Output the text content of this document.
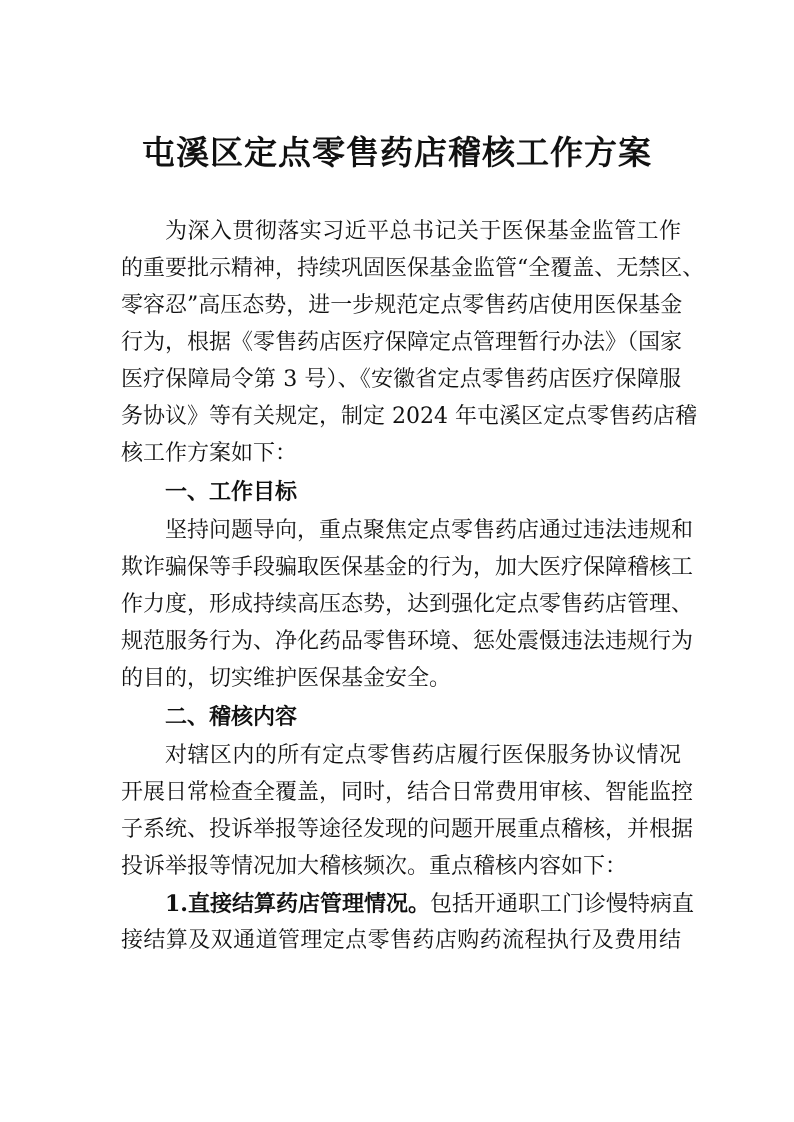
屯溪区定点零售药店稽核工作方案
为深入贯彻落实习近平总书记关于医保基金监管工作
的重要批示精神，持续巩固医保基金监管“全覆盖、无禁区、
零容忍”高压态势，进一步规范定点零售药店使用医保基金
行为，根据《零售药店医疗保障定点管理暂行办法》（国家
医疗保障局令第 3 号）、《安徽省定点零售药店医疗保障服
务协议》等有关规定，制定 2024 年屯溪区定点零售药店稽
核工作方案如下：
一、工作目标
坚持问题导向，重点聚焦定点零售药店通过违法违规和
欺诈骗保等手段骗取医保基金的行为，加大医疗保障稽核工
作力度，形成持续高压态势，达到强化定点零售药店管理、
规范服务行为、净化药品零售环境、惩处震慑违法违规行为
的目的，切实维护医保基金安全。
二、稽核内容
对辖区内的所有定点零售药店履行医保服务协议情况
开展日常检查全覆盖，同时，结合日常费用审核、智能监控
子系统、投诉举报等途径发现的问题开展重点稽核，并根据
投诉举报等情况加大稽核频次。重点稽核内容如下：
1.直接结算药店管理情况。包括开通职工门诊慢特病直
接结算及双通道管理定点零售药店购药流程执行及费用结
